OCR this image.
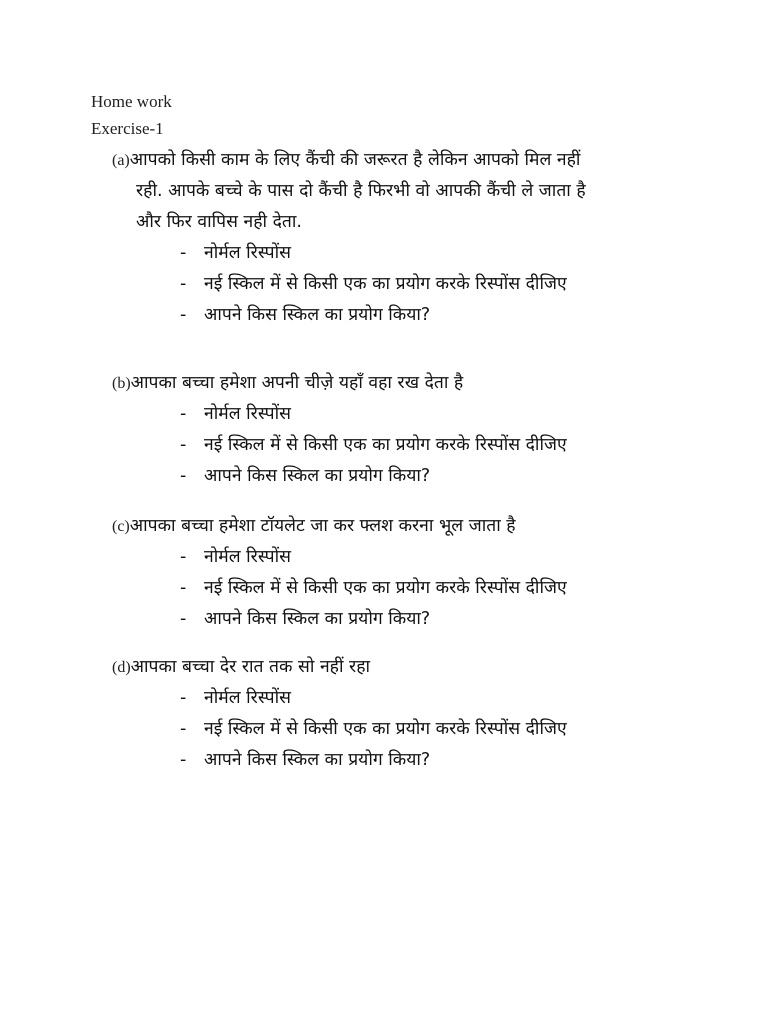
Home work
Exercise-1
(a)आपको किसी काम के लिए कैंची की जरूरत है लेकिन आपको मिल नहीं
रही. आपके बच्चे के पास दो कैंची है फिरभी वो आपकी कैंची ले जाता है
और फिर वापिस नही देता.
- नोर्मल रिस्पोंस
- नई स्किल में से किसी एक का प्रयोग करके रिस्पोंस दीजिए
- आपने किस स्किल का प्रयोग किया?
(b)आपका बच्चा हमेशा अपनी चीज़े यहाँ वहा रख देता है
- नोर्मल रिस्पोंस
- नई स्किल में से किसी एक का प्रयोग करके रिस्पोंस दीजिए
- आपने किस स्किल का प्रयोग किया?
(c)आपका बच्चा हमेशा टॉयलेट जा कर फ्लश करना भूल जाता है
- नोर्मल रिस्पोंस
- नई स्किल में से किसी एक का प्रयोग करके रिस्पोंस दीजिए
- आपने किस स्किल का प्रयोग किया?
(d)आपका बच्चा देर रात तक सो नहीं रहा
- नोर्मल रिस्पोंस
- नई स्किल में से किसी एक का प्रयोग करके रिस्पोंस दीजिए
- आपने किस स्किल का प्रयोग किया?
